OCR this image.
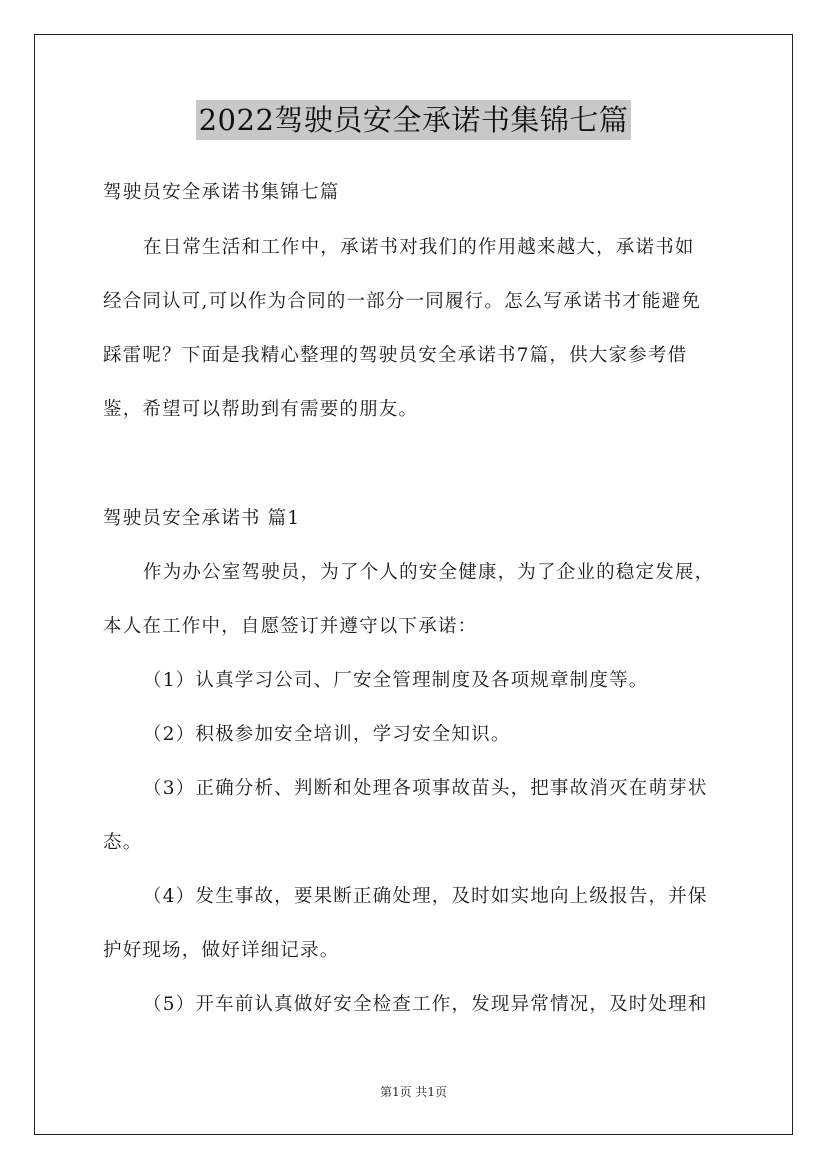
2022驾驶员安全承诺书集锦七篇
驾驶员安全承诺书集锦七篇
在日常生活和工作中，承诺书对我们的作用越来越大，承诺书如
经合同认可,可以作为合同的一部分一同履行。怎么写承诺书才能避免
踩雷呢？下面是我精心整理的驾驶员安全承诺书7篇，供大家参考借
鉴，希望可以帮助到有需要的朋友。
驾驶员安全承诺书 篇1
作为办公室驾驶员，为了个人的安全健康，为了企业的稳定发展，
本人在工作中，自愿签订并遵守以下承诺：
（1）认真学习公司、厂安全管理制度及各项规章制度等。
（2）积极参加安全培训，学习安全知识。
（3）正确分析、判断和处理各项事故苗头，把事故消灭在萌芽状
态。
（4）发生事故，要果断正确处理，及时如实地向上级报告，并保
护好现场，做好详细记录。
（5）开车前认真做好安全检查工作，发现异常情况，及时处理和
第1页 共1页
